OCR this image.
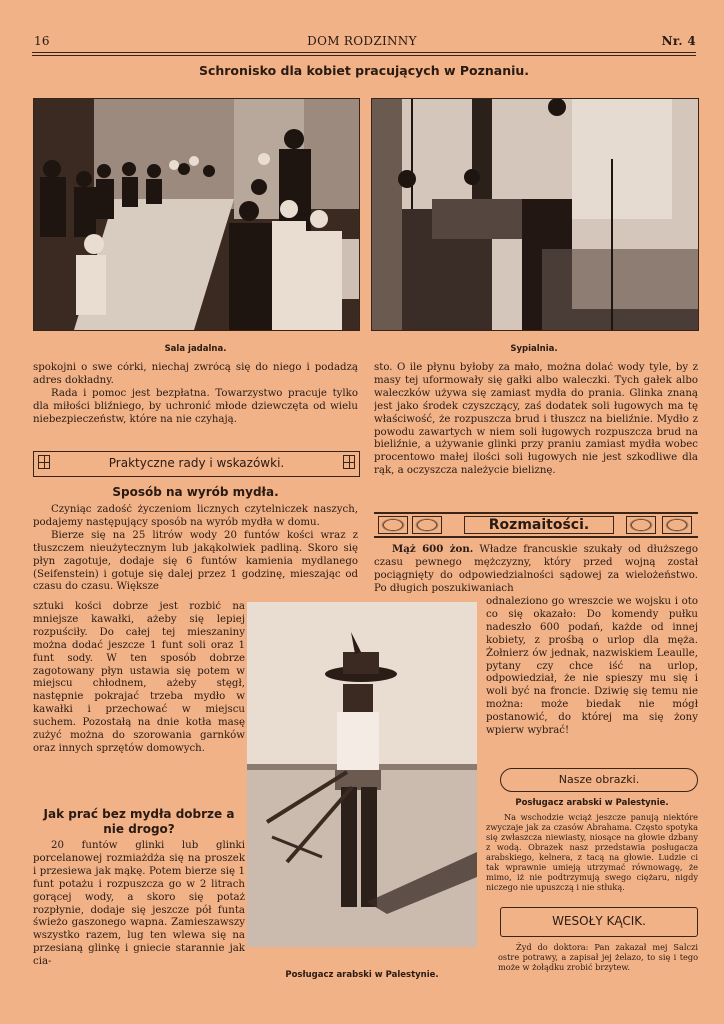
16	DOM RODZINNY	Nr. 4
Schronisko dla kobiet pracujących w Poznaniu.
Sala jadalna.	Sypialnia.

spokojni o swe córki, niechaj zwrócą się do niego i podadzą adres dokładny.

Rada i pomoc jest bezpłatna. Towarzystwo pracuje tylko dla miłości bliźniego, by uchronić młode dziewczęta od wielu niebezpieczeństw, które na nie czyhają.

Praktyczne rady i wskazówki.
Sposób na wyrób mydła.

Czyniąc zadość życzeniom licznych czytelniczek naszych, podajemy następujący sposób na wyrób mydła w domu.

Bierze się na 25 litrów wody 20 funtów kości wraz z tłuszczem nieużytecznym lub jakąkolwiek padliną. Skoro się płyn zagotuje, dodaje się 6 funtów kamienia mydlanego (Seifenstein) i gotuje się dalej przez 1 godzinę, mieszając od czasu do czasu. Większe

sztuki kości dobrze jest rozbić na mniejsze kawałki, ażeby się lepiej rozpuściły. Do całej tej mieszaniny można dodać jeszcze 1 funt soli oraz 1 funt sody. W ten sposób dobrze zagotowany płyn ustawia się potem w miejscu chłodnem, ażeby stęgł, następnie pokrajać trzeba mydło w kawałki i przechować w miejscu suchem. Pozostałą na dnie kotła masę zużyć można do szorowania garnków oraz innych sprzętów domowych.

Jak prać bez mydła dobrze a nie drogo?

20 funtów glinki lub glinki porcelanowej rozmiażdża się na proszek i przesiewa jak mąkę. Potem bierze się 1 funt potażu i rozpuszcza go w 2 litrach gorącej wody, a skoro się potaż rozpłynie, dodaje się jeszcze pół funta świeżo gaszonego wapna. Zamieszawszy wszystko razem, lug ten wlewa się na przesianą glinkę i gniecie starannie jak cia-

Posługacz arabski w Palestynie.

sto. O ile płynu byłoby za mało, można dolać wody tyle, by z masy tej uformowały się gałki albo waleczki. Tych gałek albo waleczków używa się zamiast mydła do prania. Glinka znaną jest jako środek czyszczący, zaś dodatek soli ługowych ma tę właściwość, że rozpuszcza brud i tłuszcz na bieliźnie. Mydło z powodu zawartych w niem soli ługowych rozpuszcza brud na bieliźnie, a używanie glinki przy praniu zamiast mydła wobec procentowo małej ilości soli ługowych nie jest szkodliwe dla rąk, a oczyszcza należycie bieliznę.

Rozmaitości.

Mąż 600 żon. Władze francuskie szukały od dłuższego czasu pewnego mężczyzny, który przed wojną został pociągnięty do odpowiedzialności sądowej za wielożeństwo. Po długich poszukiwaniach

odnaleziono go wreszcie we wojsku i oto co się okazało: Do komendy pułku nadeszło 600 podań, każde od innej kobiety, z prośbą o urlop dla męża. Żołnierz ów jednak, nazwiskiem Leaulle, pytany czy chce iść na urlop, odpowiedział, że nie spieszy mu się i woli być na froncie. Dziwię się temu nie można: może biedak nie mógł postanowić, do której ma się żony wpierw wybrać!

Nasze obrazki.
Posługacz arabski w Palestynie.

Na wschodzie wciąż jeszcze panują niektóre zwyczaje jak za czasów Abrahama. Często spotyka się zwłaszcza niewiasty, niosące na głowie dzbany z wodą. Obrazek nasz przedstawia posługacza arabskiego, kelnera, z tacą na głowie. Ludzie ci tak wprawnie umieją utrzymać równowagę, że mimo, iż nie podtrzymują swego ciężaru, nigdy niczego nie upuszczą i nie stłuką.

WESOŁY KĄCIK.

Żyd do doktora: Pan zakazał mej Salczi ostre potrawy, a zapisał jej żelazo, to się i tego może w żołądku zrobić brzytew.
